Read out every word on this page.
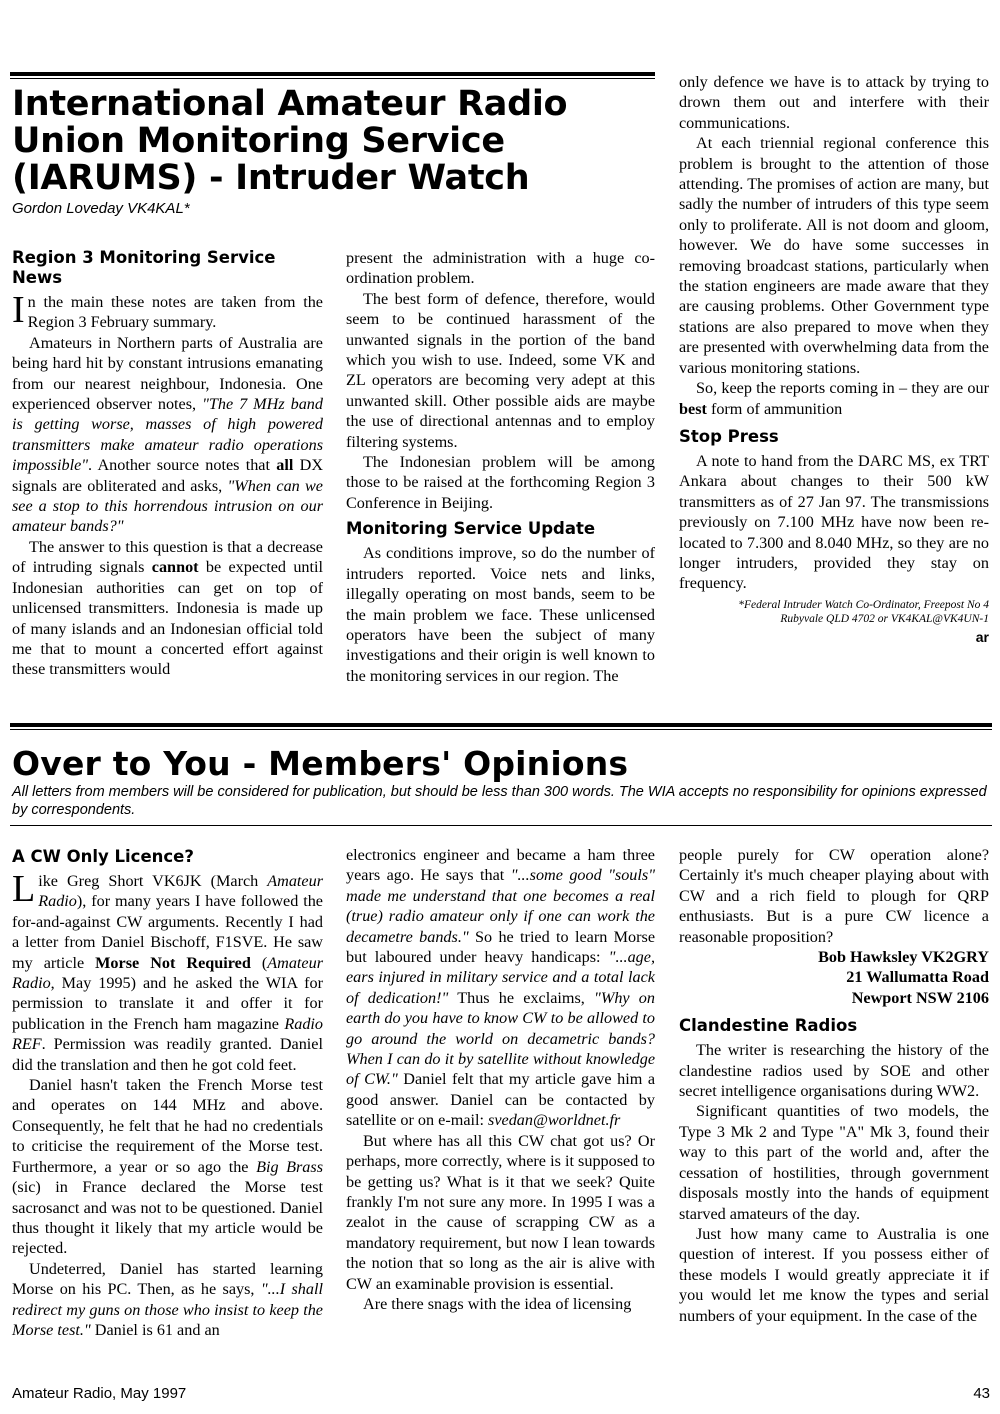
International Amateur Radio Union Monitoring Service (IARUMS) - Intruder Watch
Gordon Loveday VK4KAL*
Region 3 Monitoring Service News

In the main these notes are taken from the Region 3 February summary.

Amateurs in Northern parts of Australia are being hard hit by constant intrusions emanating from our nearest neighbour, Indonesia. One experienced observer notes, "The 7 MHz band is getting worse, masses of high powered transmitters make amateur radio operations impossible". Another source notes that all DX signals are obliterated and asks, "When can we see a stop to this horrendous intrusion on our amateur bands?"

The answer to this question is that a decrease of intruding signals cannot be expected until Indonesian authorities can get on top of unlicensed transmitters. Indonesia is made up of many islands and an Indonesian official told me that to mount a concerted effort against these transmitters would

present the administration with a huge co-ordination problem.

The best form of defence, therefore, would seem to be continued harassment of the unwanted signals in the portion of the band which you wish to use. Indeed, some VK and ZL operators are becoming very adept at this unwanted skill. Other possible aids are maybe the use of directional antennas and to employ filtering systems.

The Indonesian problem will be among those to be raised at the forthcoming Region 3 Conference in Beijing.

Monitoring Service Update

As conditions improve, so do the number of intruders reported. Voice nets and links, illegally operating on most bands, seem to be the main problem we face. These unlicensed operators have been the subject of many investigations and their origin is well known to the monitoring services in our region. The

only defence we have is to attack by trying to drown them out and interfere with their communications.

At each triennial regional conference this problem is brought to the attention of those attending. The promises of action are many, but sadly the number of intruders of this type seem only to proliferate. All is not doom and gloom, however. We do have some successes in removing broadcast stations, particularly when the station engineers are made aware that they are causing problems. Other Government type stations are also prepared to move when they are presented with overwhelming data from the various monitoring stations.

So, keep the reports coming in – they are our best form of ammunition

Stop Press

A note to hand from the DARC MS, ex TRT Ankara about changes to their 500 kW transmitters as of 27 Jan 97. The transmissions previously on 7.100 MHz have now been re-located to 7.300 and 8.040 MHz, so they are no longer intruders, provided they stay on frequency.

*Federal Intruder Watch Co-Ordinator, Freepost No 4
Rubyvale QLD 4702 or VK4KAL@VK4UN-1

ar

Over to You - Members' Opinions
All letters from members will be considered for publication, but should be less than 300 words. The WIA accepts no responsibility for opinions expressed by correspondents.
A CW Only Licence?

Like Greg Short VK6JK (March Amateur Radio), for many years I have followed the for-and-against CW arguments. Recently I had a letter from Daniel Bischoff, F1SVE. He saw my article Morse Not Required (Amateur Radio, May 1995) and he asked the WIA for permission to translate it and offer it for publication in the French ham magazine Radio REF. Permission was readily granted. Daniel did the translation and then he got cold feet.

Daniel hasn't taken the French Morse test and operates on 144 MHz and above. Consequently, he felt that he had no credentials to criticise the requirement of the Morse test. Furthermore, a year or so ago the Big Brass (sic) in France declared the Morse test sacrosanct and was not to be questioned. Daniel thus thought it likely that my article would be rejected.

Undeterred, Daniel has started learning Morse on his PC. Then, as he says, "...I shall redirect my guns on those who insist to keep the Morse test." Daniel is 61 and an

electronics engineer and became a ham three years ago. He says that "...some good "souls" made me understand that one becomes a real (true) radio amateur only if one can work the decametre bands." So he tried to learn Morse but laboured under heavy handicaps: "...age, ears injured in military service and a total lack of dedication!" Thus he exclaims, "Why on earth do you have to know CW to be allowed to go around the world on decametric bands? When I can do it by satellite without knowledge of CW." Daniel felt that my article gave him a good answer. Daniel can be contacted by satellite or on e-mail: svedan@worldnet.fr

But where has all this CW chat got us? Or perhaps, more correctly, where is it supposed to be getting us? What is it that we seek? Quite frankly I'm not sure any more. In 1995 I was a zealot in the cause of scrapping CW as a mandatory requirement, but now I lean towards the notion that so long as the air is alive with CW an examinable provision is essential.

Are there snags with the idea of licensing

people purely for CW operation alone? Certainly it's much cheaper playing about with CW and a rich field to plough for QRP enthusiasts. But is a pure CW licence a reasonable proposition?

Bob Hawksley VK2GRY

21 Wallumatta Road

Newport NSW 2106

Clandestine Radios

The writer is researching the history of the clandestine radios used by SOE and other secret intelligence organisations during WW2.

Significant quantities of two models, the Type 3 Mk 2 and Type "A" Mk 3, found their way to this part of the world and, after the cessation of hostilities, through government disposals mostly into the hands of equipment starved amateurs of the day.

Just how many came to Australia is one question of interest. If you possess either of these models I would greatly appreciate it if you would let me know the types and serial numbers of your equipment. In the case of the

Amateur Radio, May 1997	43
